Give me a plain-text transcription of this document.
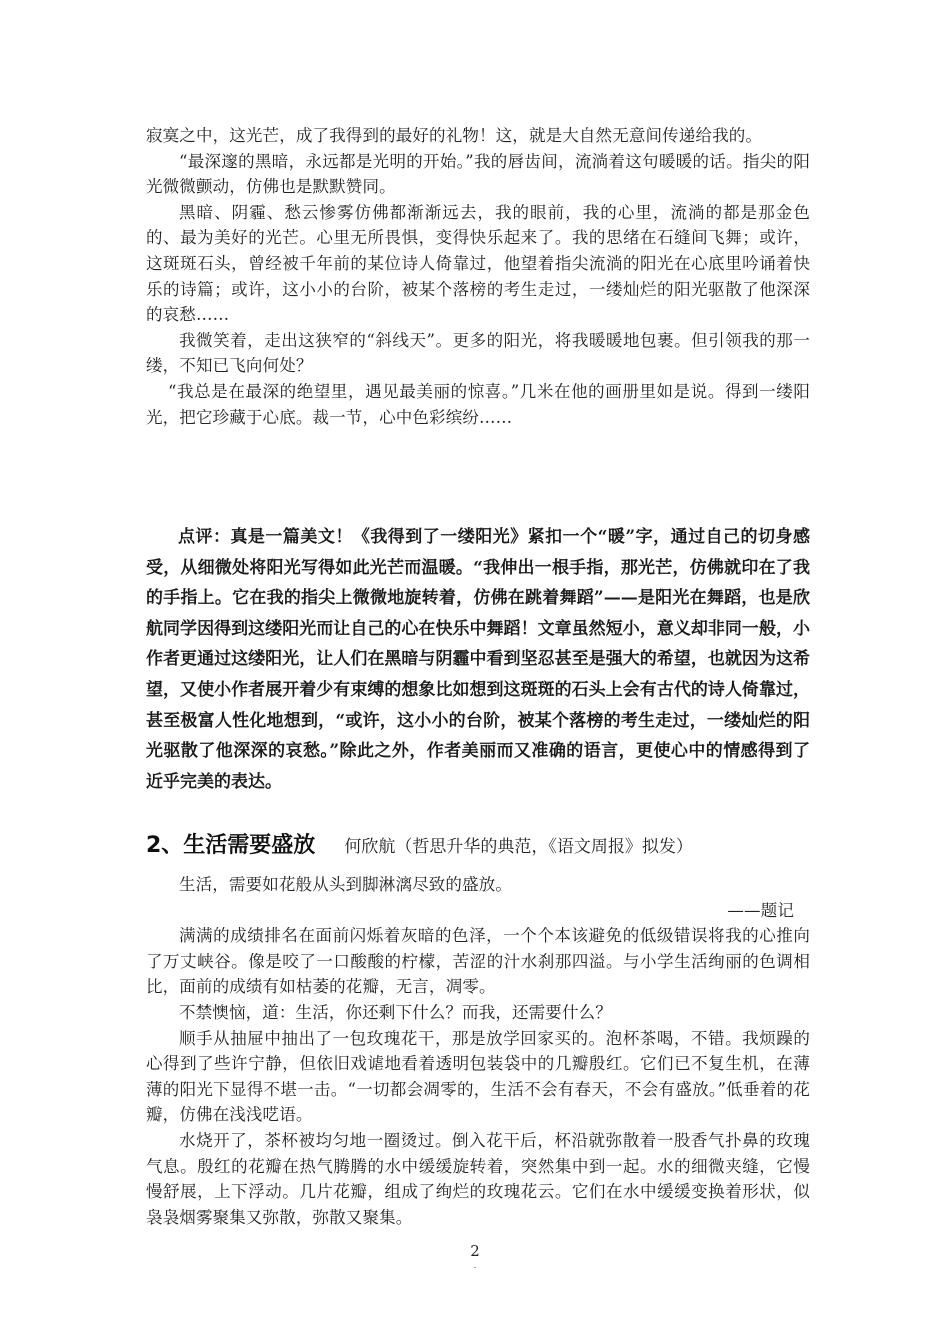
寂寞之中，这光芒，成了我得到的最好的礼物！这，就是大自然无意间传递给我的。

“最深邃的黑暗，永远都是光明的开始。”我的唇齿间，流淌着这句暖暖的话。指尖的阳光微微颤动，仿佛也是默默赞同。

黑暗、阴霾、愁云惨雾仿佛都渐渐远去，我的眼前，我的心里，流淌的都是那金色的、最为美好的光芒。心里无所畏惧，变得快乐起来了。我的思绪在石缝间飞舞；或许，这斑斑石头，曾经被千年前的某位诗人倚靠过，他望着指尖流淌的阳光在心底里吟诵着快乐的诗篇；或许，这小小的台阶，被某个落榜的考生走过，一缕灿烂的阳光驱散了他深深的哀愁……

我微笑着，走出这狭窄的“斜线天”。更多的阳光，将我暖暖地包裹。但引领我的那一缕，不知已飞向何处？

“我总是在最深的绝望里，遇见最美丽的惊喜。”几米在他的画册里如是说。得到一缕阳光，把它珍藏于心底。裁一节，心中色彩缤纷……

点评：真是一篇美文！《我得到了一缕阳光》紧扣一个“暖”字，通过自己的切身感受，从细微处将阳光写得如此光芒而温暖。“我伸出一根手指，那光芒，仿佛就印在了我的手指上。它在我的指尖上微微地旋转着，仿佛在跳着舞蹈”——是阳光在舞蹈，也是欣航同学因得到这缕阳光而让自己的心在快乐中舞蹈！文章虽然短小，意义却非同一般，小作者更通过这缕阳光，让人们在黑暗与阴霾中看到坚忍甚至是强大的希望，也就因为这希望，又使小作者展开着少有束缚的想象比如想到这斑斑的石头上会有古代的诗人倚靠过，甚至极富人性化地想到，“或许，这小小的台阶，被某个落榜的考生走过，一缕灿烂的阳光驱散了他深深的哀愁。”除此之外，作者美丽而又准确的语言，更使心中的情感得到了近乎完美的表达。

2、生活需要盛放 何欣航（哲思升华的典范，《语文周报》拟发）

生活，需要如花般从头到脚淋漓尽致的盛放。

——题记

满满的成绩排名在面前闪烁着灰暗的色泽，一个个本该避免的低级错误将我的心推向了万丈峡谷。像是咬了一口酸酸的柠檬，苦涩的汁水刹那四溢。与小学生活绚丽的色调相比，面前的成绩有如枯萎的花瓣，无言，凋零。

不禁懊恼，道：生活，你还剩下什么？而我，还需要什么？

顺手从抽屉中抽出了一包玫瑰花干，那是放学回家买的。泡杯茶喝，不错。我烦躁的心得到了些许宁静，但依旧戏谑地看着透明包装袋中的几瓣殷红。它们已不复生机，在薄薄的阳光下显得不堪一击。“一切都会凋零的，生活不会有春天，不会有盛放。”低垂着的花瓣，仿佛在浅浅呓语。

水烧开了，茶杯被均匀地一圈烫过。倒入花干后，杯沿就弥散着一股香气扑鼻的玫瑰气息。殷红的花瓣在热气腾腾的水中缓缓旋转着，突然集中到一起。水的细微夹缝，它慢慢舒展，上下浮动。几片花瓣，组成了绚烂的玫瑰花云。它们在水中缓缓变换着形状，似袅袅烟雾聚集又弥散，弥散又聚集。

2
.
